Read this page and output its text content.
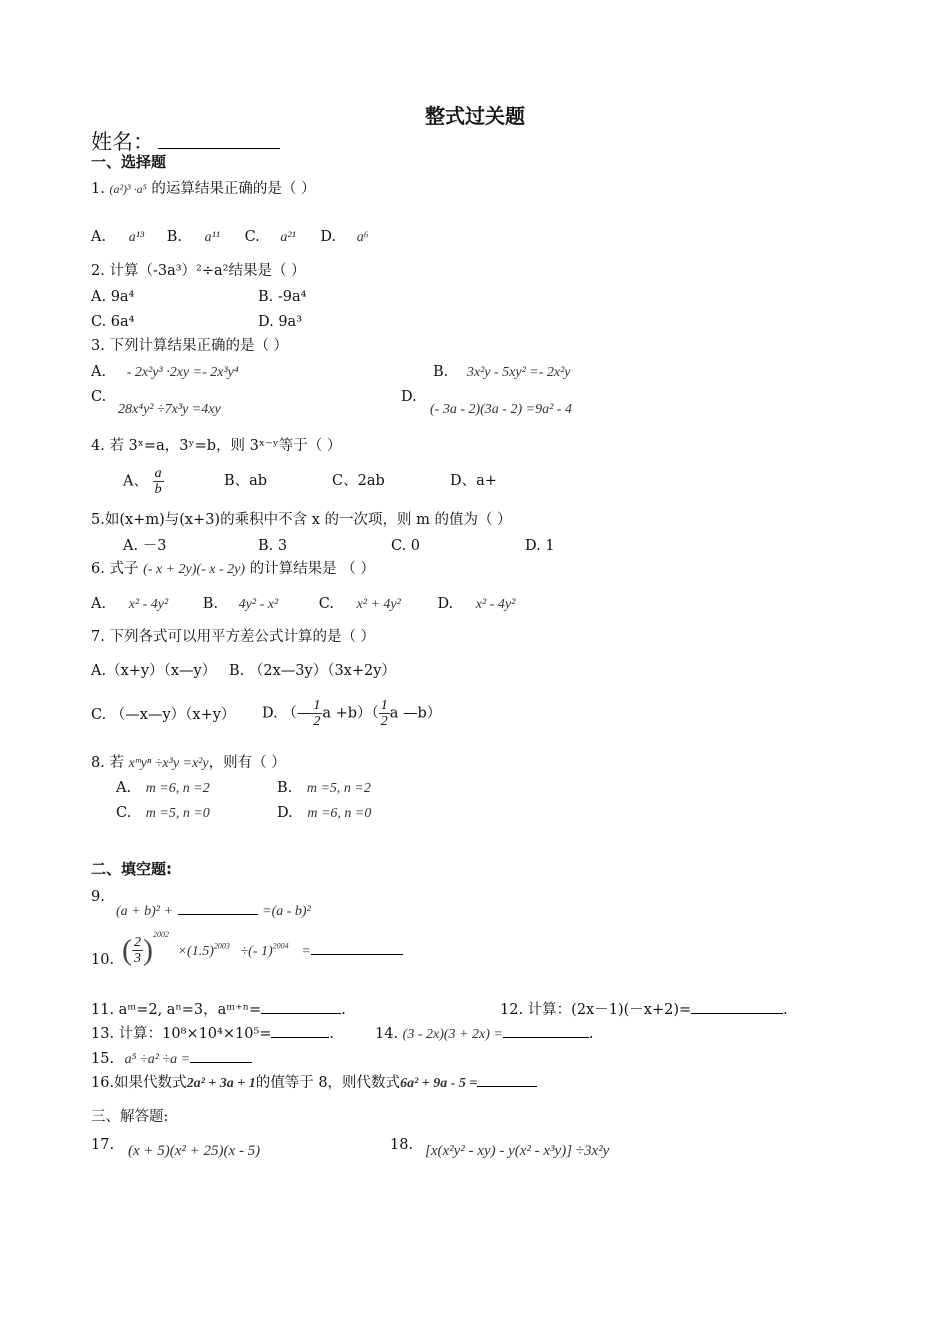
整式过关题
姓名：
一、选择题
1. (a²)³ ·a⁵ 的运算结果正确的是（ ）
A. a¹³ B. a¹¹ C. a²¹ D. a⁶
2. 计算（-3a³）²÷a²结果是（ ）
A. 9a⁴	B. -9a⁴
C. 6a⁴	D. 9a³
3. 下列计算结果正确的是（ ）
A. - 2x²y³ ·2xy =- 2x³y⁴	B. 3x²y - 5xy² =- 2x²y
C.
28x⁴y² ÷7x³y =4xy
D.
(- 3a - 2)(3a - 2) =9a² - 4
4. 若 3ˣ=a，3ʸ=b，则 3ˣ⁻ʸ等于（ ）
A、 $\frac{a}{b}$	B、ab	C、2ab	D、a+
5.如(x+m)与(x+3)的乘积中不含 x 的一次项，则 m 的值为（ ）
A. －3	B. 3	C. 0	D. 1
6. 式子 (- x + 2y)(- x - 2y) 的计算结果是 （ ）
A. x² - 4y² B. 4y² - x²	C. x² + 4y²	D. x² - 4y²
7. 下列各式可以用平方差公式计算的是（ ）
A.（x+y）（x—y） B. （2x—3y）（3x+2y）
C. （—x—y）（x+y） D. （— $\frac{1}{2}$ $a +b)( \frac{1}{2}$ a —b）
8. 若 xᵐyⁿ ÷x³y =x²y，则有（ ）
A. m =6, n =2	B. m =5, n =2
C. m =5, n =0	D. m =6, n =0
二、填空题:
9.
(a + b)² +	=(a - b)²
10. ( $\frac{2}{3} )^{2002} \times(1.5)^{2003}$ ÷(- 1)$^{2004}$ =
11. aᵐ=2, aⁿ=3，aᵐ⁺ⁿ=	.	12. 计算：(2x－1)(－x+2)=	.
13. 计算：10⁸×10⁴×10⁵=	.	14. (3 - 2x)(3 + 2x) =	.
15. a⁵ ÷a² ÷a =
16.如果代数式2a² + 3a + 1的值等于 8，则代数式6a² + 9a - 5 =
三、解答题:
17. (x + 5)(x² + 25)(x - 5)	18. [x(x²y² - xy) - y(x² - x³y)] ÷3x²y
